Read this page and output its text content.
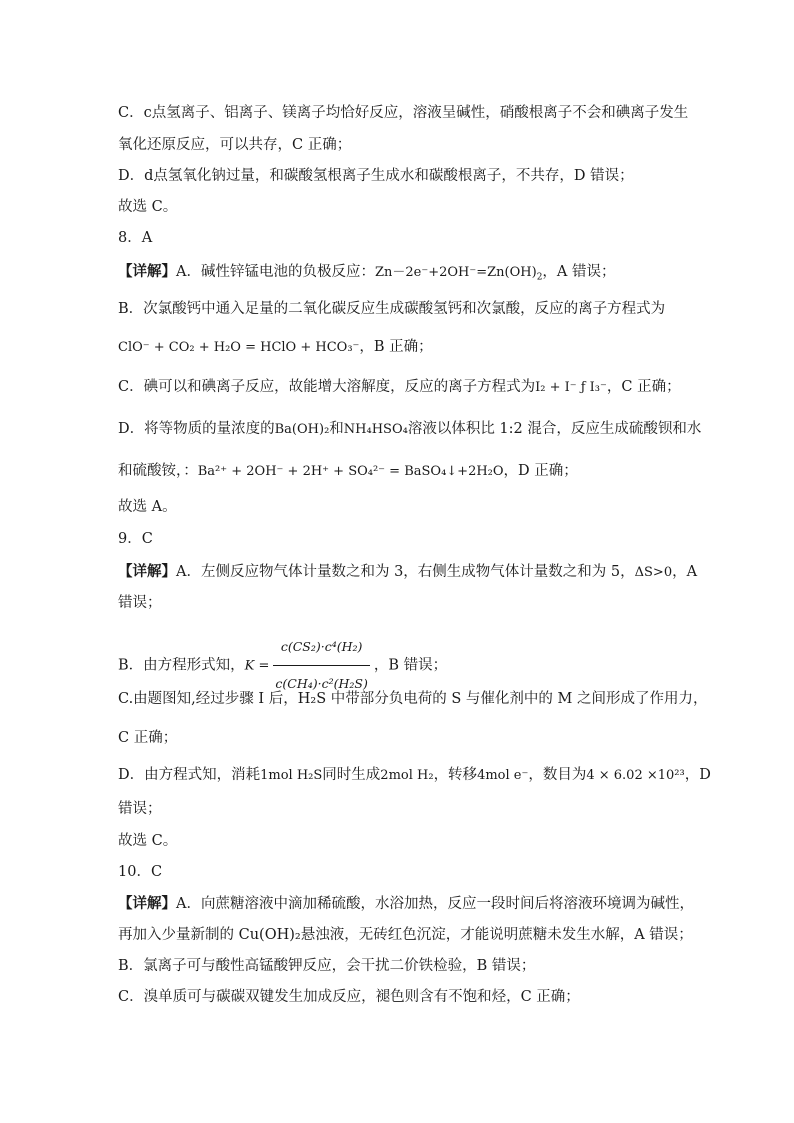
C．c点氢离子、铝离子、镁离子均恰好反应，溶液呈碱性，硝酸根离子不会和碘离子发生
氧化还原反应，可以共存，C 正确；
D．d点氢氧化钠过量，和碳酸氢根离子生成水和碳酸根离子，不共存，D 错误；
故选 C。
8．A
【详解】A．碱性锌锰电池的负极反应：$Zn-2e^-+2OH^-=Zn(OH)_2$，A 错误；
B．次氯酸钙中通入足量的二氧化碳反应生成碳酸氢钙和次氯酸，反应的离子方程式为
ClO⁻ + CO₂ + H₂O = HClO + HCO₃⁻，B 正确；
C．碘可以和碘离子反应，故能增大溶解度，反应的离子方程式为I₂ + I⁻ ƒ I₃⁻，C 正确；
D．将等物质的量浓度的Ba(OH)₂和NH₄HSO₄溶液以体积比 1:2 混合，反应生成硫酸钡和水
和硫酸铵，：Ba²⁺ + 2OH⁻ + 2H⁺ + SO₄²⁻ = BaSO₄↓+2H₂O，D 正确；
故选 A。
9．C
【详解】A．左侧反应物气体计量数之和为 3，右侧生成物气体计量数之和为 5，ΔS>0，A
错误；
B．由方程形式知，$K = \frac{\text{c(CS₂)·c⁴(H₂)}}{\text{c(CH₄)·c²(H₂S)}}$ ，B 错误；
C.由题图知,经过步骤 I 后，H₂S 中带部分负电荷的 S 与催化剂中的 M 之间形成了作用力，
C 正确；
D．由方程式知，消耗1mol H₂S同时生成2mol H₂，转移4mol e⁻，数目为4 × 6.02 ×10²³，D
错误；
故选 C。
10．C
【详解】A．向蔗糖溶液中滴加稀硫酸，水浴加热，反应一段时间后将溶液环境调为碱性，
再加入少量新制的 Cu(OH)₂悬浊液，无砖红色沉淀，才能说明蔗糖未发生水解，A 错误；
B．氯离子可与酸性高锰酸钾反应，会干扰二价铁检验，B 错误；
C．溴单质可与碳碳双键发生加成反应，褪色则含有不饱和烃，C 正确；
